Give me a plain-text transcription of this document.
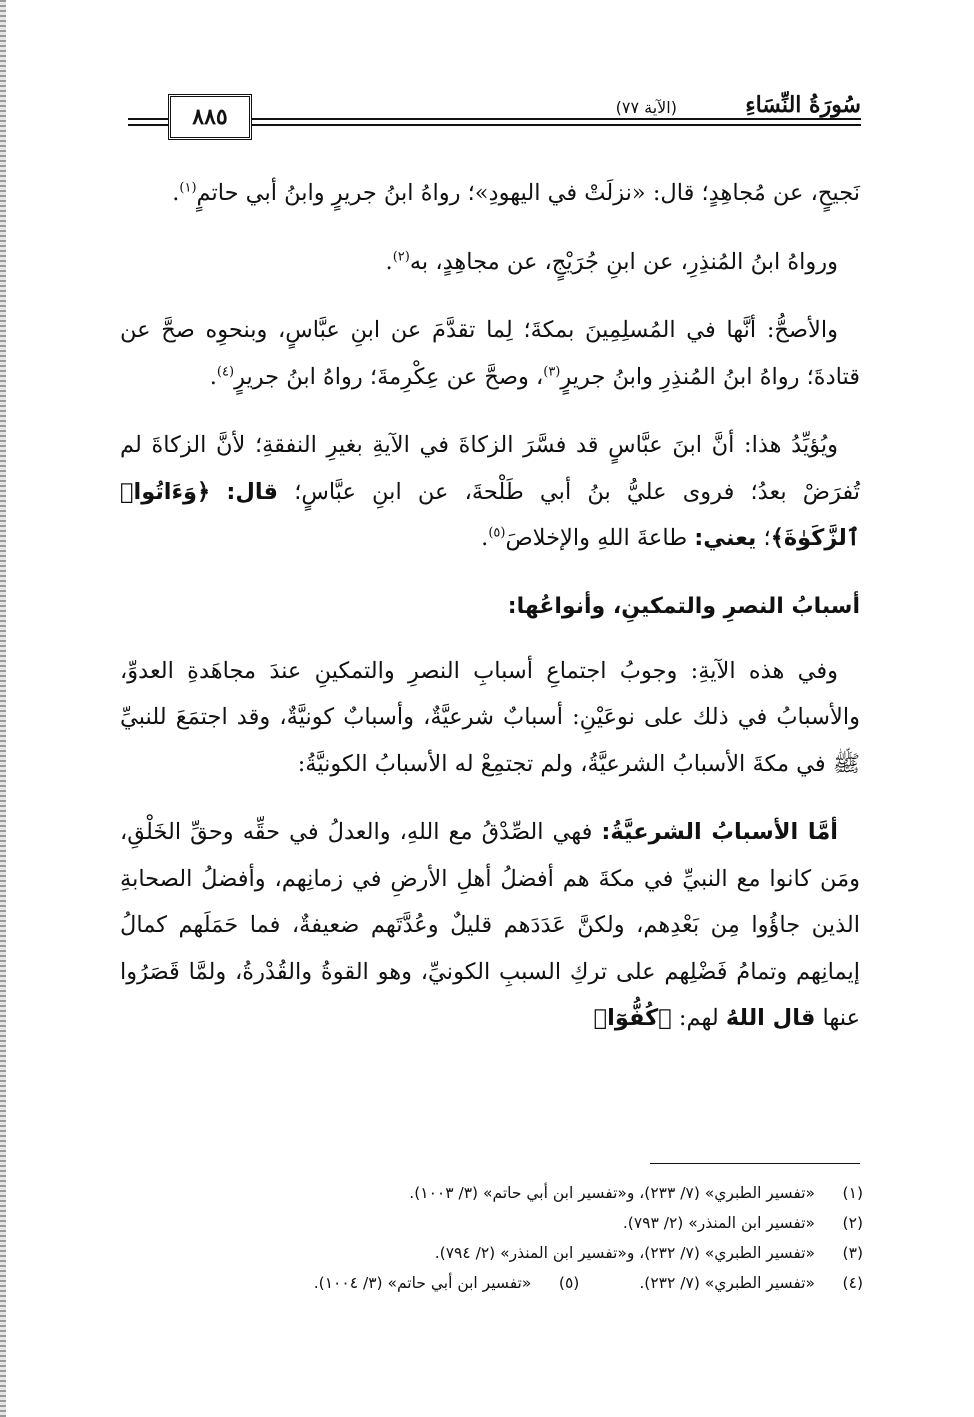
سُورَةُ النِّسَاءِ
(الآية ٧٧)
٨٨٥

نَجيحٍ، عن مُجاهِدٍ؛ قال: «نزلَتْ في اليهودِ»؛ رواهُ ابنُ جريرٍ وابنُ أبي حاتمٍ$^{(١)}$.

ورواهُ ابنُ المُنذِرِ، عن ابنِ جُرَيْجٍ، عن مجاهِدٍ، به$^{(٢)}$.

والأصحُّ: أنَّها في المُسلِمِينَ بمكةَ؛ لِما تقدَّمَ عن ابنِ عبَّاسٍ، وبنحوِه صحَّ عن قتادةَ؛ رواهُ ابنُ المُنذِرِ وابنُ جريرٍ$^{(٣)}$، وصحَّ عن عِكْرِمةَ؛ رواهُ ابنُ جريرٍ$^{(٤)}$.

ويُؤيِّدُ هذا: أنَّ ابنَ عبَّاسٍ قد فسَّرَ الزكاةَ في الآيةِ بغيرِ النفقةِ؛ لأنَّ الزكاةَ لم تُفرَضْ بعدُ؛ فروى عليُّ بنُ أبي طَلْحةَ، عن ابنِ عبَّاسٍ؛ قال: ﴿وَءَاتُوا۟ ٱلزَّكَوٰةَ﴾؛ يعني: طاعةَ اللهِ والإخلاصَ$^{(٥)}$.

أسبابُ النصرِ والتمكينِ، وأنواعُها:

وفي هذه الآيةِ: وجوبُ اجتماعِ أسبابِ النصرِ والتمكينِ عندَ مجاهَدةِ العدوِّ، والأسبابُ في ذلك على نوعَيْنِ: أسبابٌ شرعيَّةٌ، وأسبابٌ كونيَّةٌ، وقد اجتمَعَ للنبيِّ ﷺ في مكةَ الأسبابُ الشرعيَّةُ، ولم تجتمِعْ له الأسبابُ الكونيَّةُ:

أمَّا الأسبابُ الشرعيَّةُ: فهي الصِّدْقُ مع اللهِ، والعدلُ في حقِّه وحقِّ الخَلْقِ، ومَن كانوا مع النبيِّ في مكةَ هم أفضلُ أهلِ الأرضِ في زمانِهم، وأفضلُ الصحابةِ الذين جاؤُوا مِن بَعْدِهم، ولكنَّ عَدَدَهم قليلٌ وعُدَّتَهم ضعيفةٌ، فما حَمَلَهم كمالُ إيمانِهم وتمامُ فَضْلِهم على تركِ السببِ الكونيِّ، وهو القوةُ والقُدْرةُ، ولمَّا قَصَرُوا عنها قال اللهُ لهم: ﴿كُفُّوٓا۟

(١)
«تفسير الطبري» (٧/ ٢٣٣)، و«تفسير ابن أبي حاتم» (٣/ ١٠٠٣).
(٢)
«تفسير ابن المنذر» (٢/ ٧٩٣).
(٣)
«تفسير الطبري» (٧/ ٢٣٢)، و«تفسير ابن المنذر» (٢/ ٧٩٤).
(٤)
«تفسير الطبري» (٧/ ٢٣٢).
(٥)
«تفسير ابن أبي حاتم» (٣/ ١٠٠٤).
